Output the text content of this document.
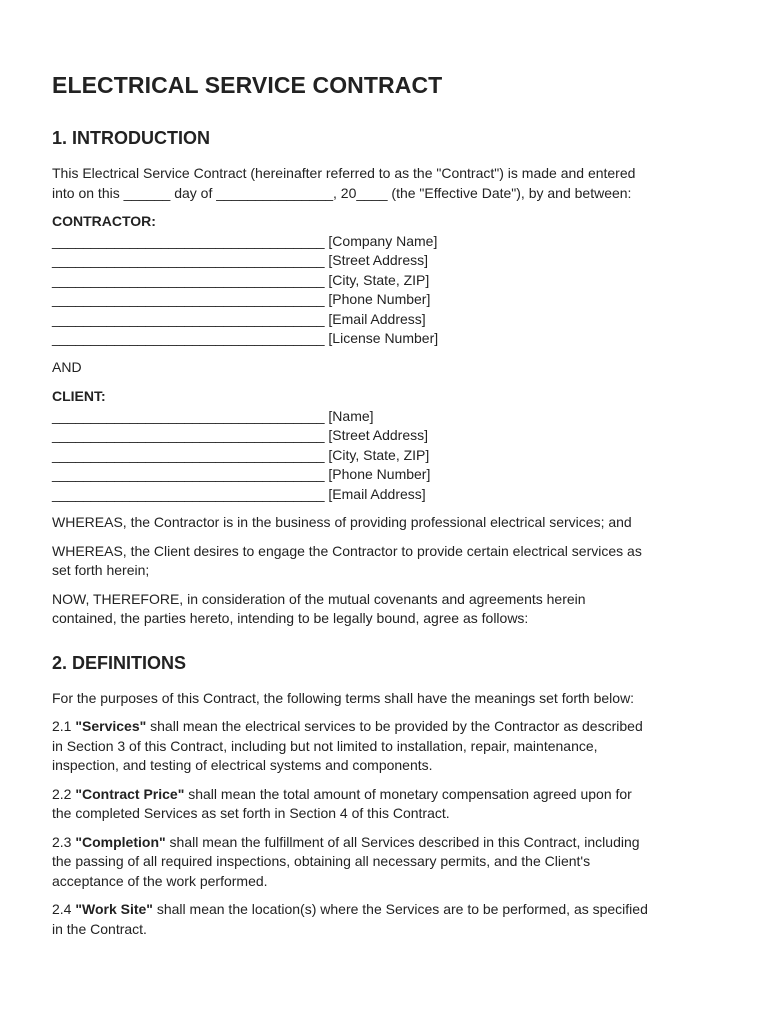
ELECTRICAL SERVICE CONTRACT
1. INTRODUCTION

This Electrical Service Contract (hereinafter referred to as the "Contract") is made and entered

into on this ______ day of _______________, 20____ (the "Effective Date"), by and between:

CONTRACTOR:
___________________________________ [Company Name]
___________________________________ [Street Address]
___________________________________ [City, State, ZIP]
___________________________________ [Phone Number]
___________________________________ [Email Address]
___________________________________ [License Number]

AND

CLIENT:
___________________________________ [Name]
___________________________________ [Street Address]
___________________________________ [City, State, ZIP]
___________________________________ [Phone Number]
___________________________________ [Email Address]

WHEREAS, the Contractor is in the business of providing professional electrical services; and

WHEREAS, the Client desires to engage the Contractor to provide certain electrical services as

set forth herein;

NOW, THEREFORE, in consideration of the mutual covenants and agreements herein

contained, the parties hereto, intending to be legally bound, agree as follows:

2. DEFINITIONS

For the purposes of this Contract, the following terms shall have the meanings set forth below:

2.1 "Services" shall mean the electrical services to be provided by the Contractor as described

in Section 3 of this Contract, including but not limited to installation, repair, maintenance,

inspection, and testing of electrical systems and components.

2.2 "Contract Price" shall mean the total amount of monetary compensation agreed upon for

the completed Services as set forth in Section 4 of this Contract.

2.3 "Completion" shall mean the fulfillment of all Services described in this Contract, including

the passing of all required inspections, obtaining all necessary permits, and the Client's

acceptance of the work performed.

2.4 "Work Site" shall mean the location(s) where the Services are to be performed, as specified

in the Contract.
